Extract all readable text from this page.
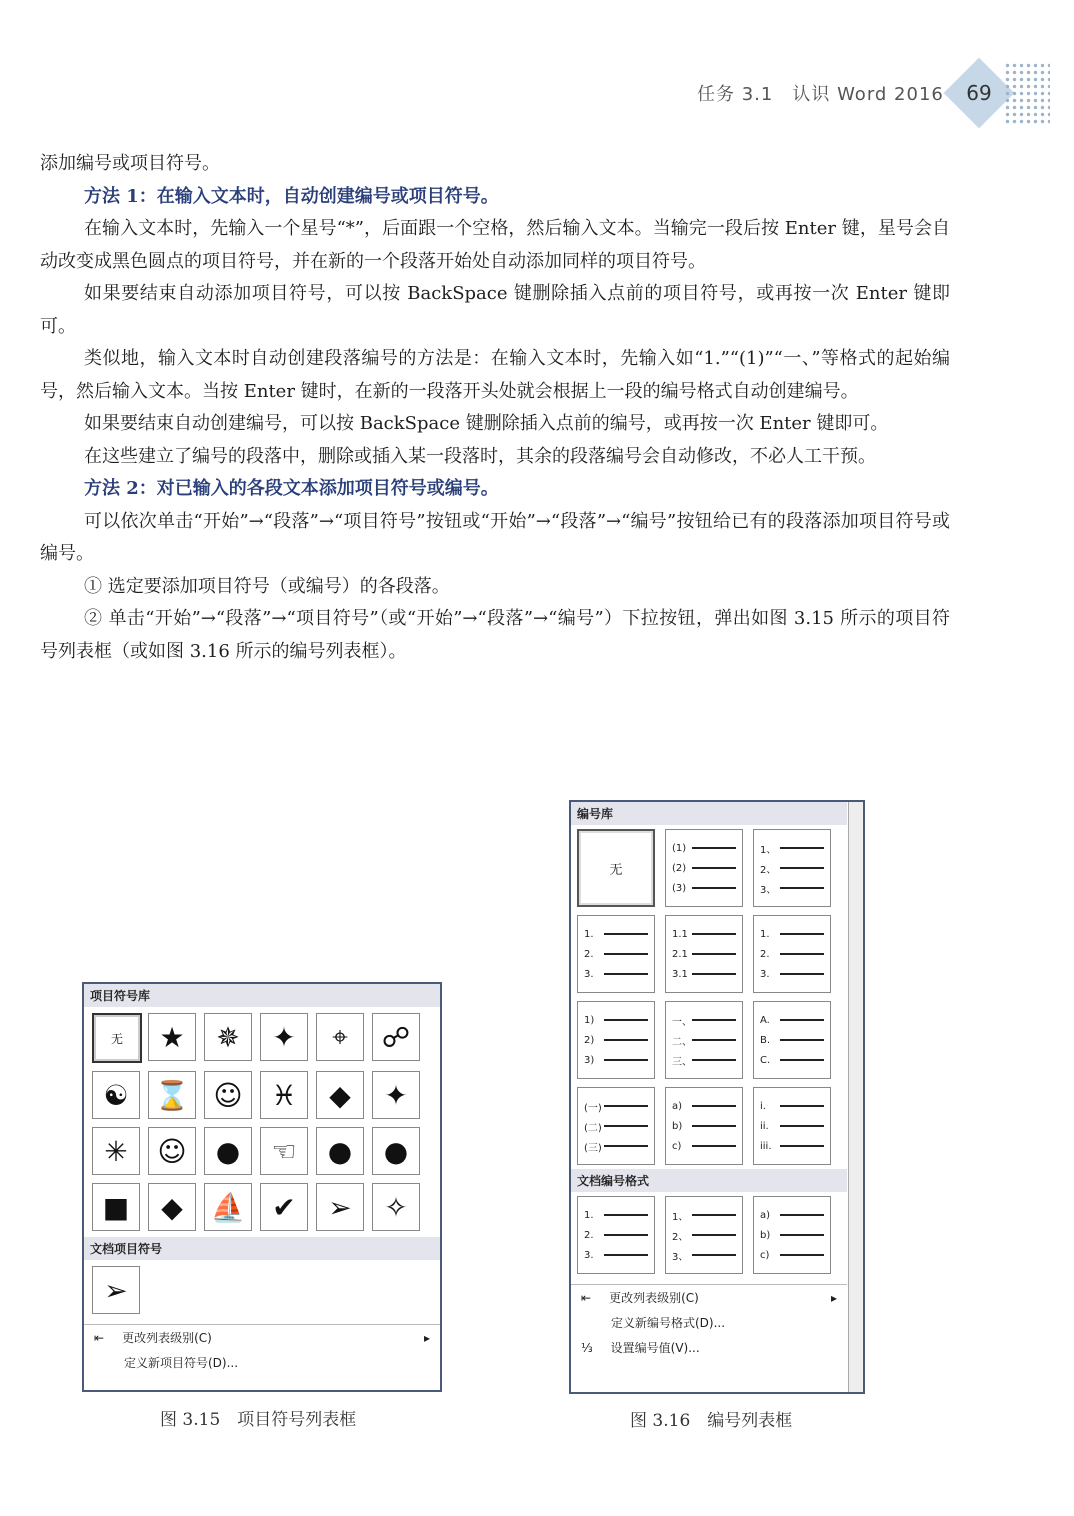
任务 3.1　认识 Word 2016	69

添加编号或项目符号。

方法 1：在输入文本时，自动创建编号或项目符号。

在输入文本时，先输入一个星号“*”，后面跟一个空格，然后输入文本。当输完一段后按 Enter 键，星号会自动改变成黑色圆点的项目符号，并在新的一个段落开始处自动添加同样的项目符号。

如果要结束自动添加项目符号，可以按 BackSpace 键删除插入点前的项目符号，或再按一次 Enter 键即可。

类似地，输入文本时自动创建段落编号的方法是：在输入文本时，先输入如“1.”“(1)”“一、”等格式的起始编号，然后输入文本。当按 Enter 键时，在新的一段落开头处就会根据上一段的编号格式自动创建编号。

如果要结束自动创建编号，可以按 BackSpace 键删除插入点前的编号，或再按一次 Enter 键即可。

在这些建立了编号的段落中，删除或插入某一段落时，其余的段落编号会自动修改，不必人工干预。

方法 2：对已输入的各段文本添加项目符号或编号。

可以依次单击“开始”→“段落”→“项目符号”按钮或“开始”→“段落”→“编号”按钮给已有的段落添加项目符号或编号。

① 选定要添加项目符号（或编号）的各段落。

② 单击“开始”→“段落”→“项目符号”（或“开始”→“段落”→“编号”）下拉按钮，弹出如图 3.15 所示的项目符号列表框（或如图 3.16 所示的编号列表框）。

项目符号库
无	★	✵	✦	⌖	☍
☯ ⌛ ☺	♓	◆	✦
✳	☺	●	☜	●	●
■	◆ ⛵ ✔	➢	✧
文档项目符号
➢
⇤ 更改列表级别(C)	▸
定义新项目符号(D)...
图 3.15　项目符号列表框
编号库
无
(1)
(2)
(3)
1、
2、
3、
1.
2.
3.
1.1
2.1
3.1
1.
2.
3.
1)
2)
3)
一、
二、
三、
A.
B.
C.
(一)
(二)
(三)
a)
b)
c)
i.
ii.
iii.
文档编号格式
1.
2.
3.
1、
2、
3、
a)
b)
c)
⇤ 更改列表级别(C)	▸
定义新编号格式(D)...
⅓ 设置编号值(V)...
图 3.16　编号列表框
